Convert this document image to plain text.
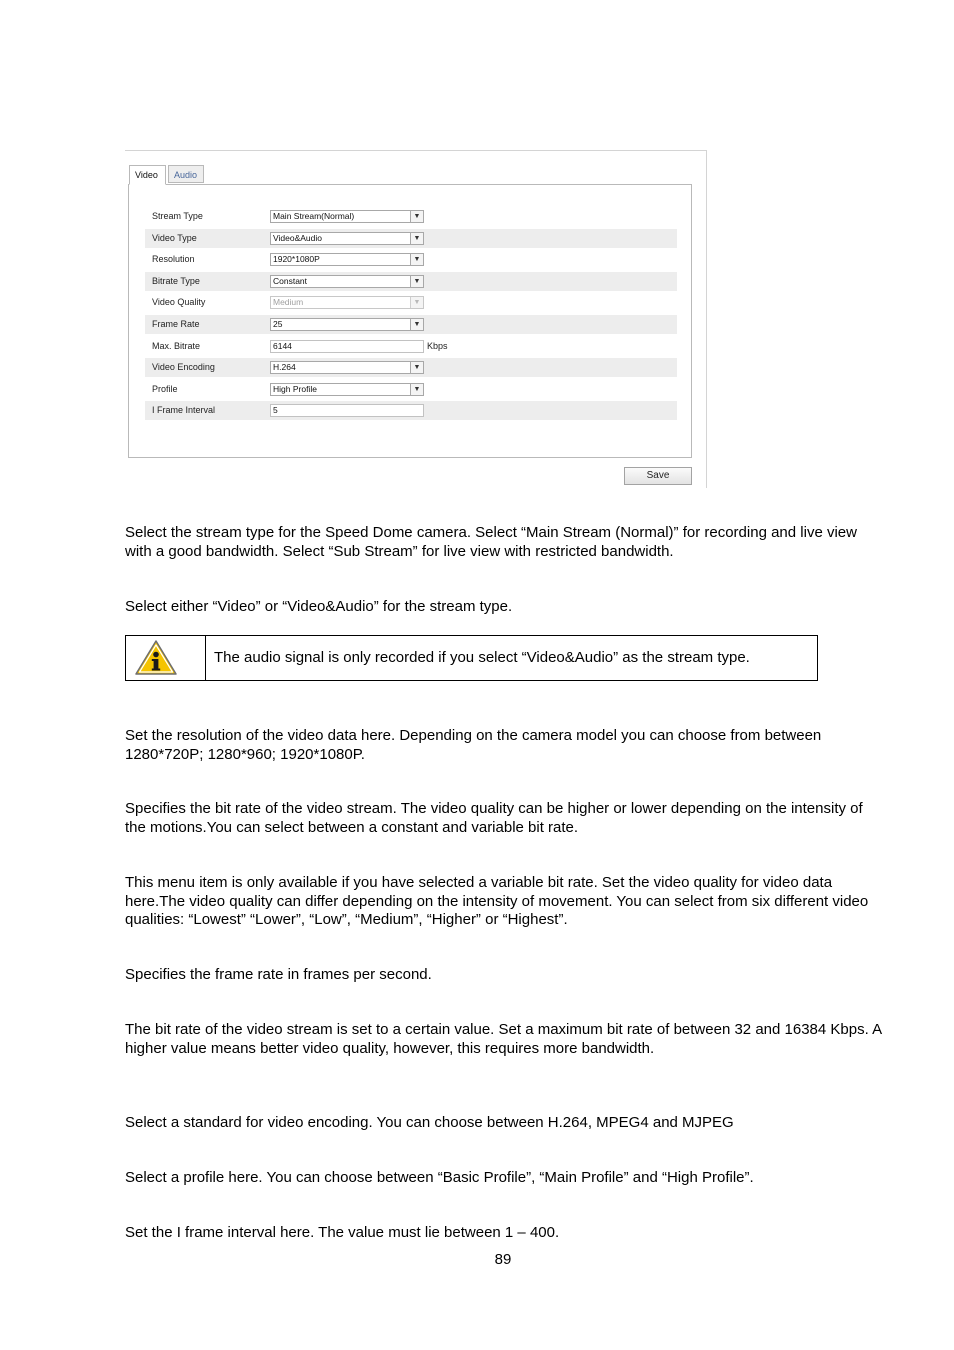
Video	Audio
Stream Type	Main Stream(Normal)	▼
Video Type	Video&Audio	▼
Resolution	1920*1080P	▼
Bitrate Type	Constant	▼
Video Quality	Medium	▼
Frame Rate	25	▼
Max. Bitrate	6144	Kbps
Video Encoding	H.264	▼
Profile	High Profile	▼
I Frame Interval	5
Save
Select the stream type for the Speed Dome camera. Select “Main Stream (Normal)” for recording and live view with a good bandwidth. Select “Sub Stream” for live view with restricted bandwidth.
Select either “Video” or “Video&Audio” for the stream type.
The audio signal is only recorded if you select “Video&Audio” as the stream type.
Set the resolution of the video data here. Depending on the camera model you can choose from between 1280*720P; 1280*960; 1920*1080P.
Specifies the bit rate of the video stream. The video quality can be higher or lower depending on the intensity of the motions.You can select between a constant and variable bit rate.
This menu item is only available if you have selected a variable bit rate. Set the video quality for video data here.The video quality can differ depending on the intensity of movement. You can select from six different video qualities: “Lowest” “Lower”, “Low”, “Medium”, “Higher” or “Highest”.
Specifies the frame rate in frames per second.
The bit rate of the video stream is set to a certain value. Set a maximum bit rate of between 32 and 16384 Kbps. A higher value means better video quality, however, this requires more bandwidth.
Select a standard for video encoding. You can choose between H.264, MPEG4 and MJPEG
Select a profile here. You can choose between “Basic Profile”, “Main Profile” and “High Profile”.
Set the I frame interval here. The value must lie between 1 – 400.
89
